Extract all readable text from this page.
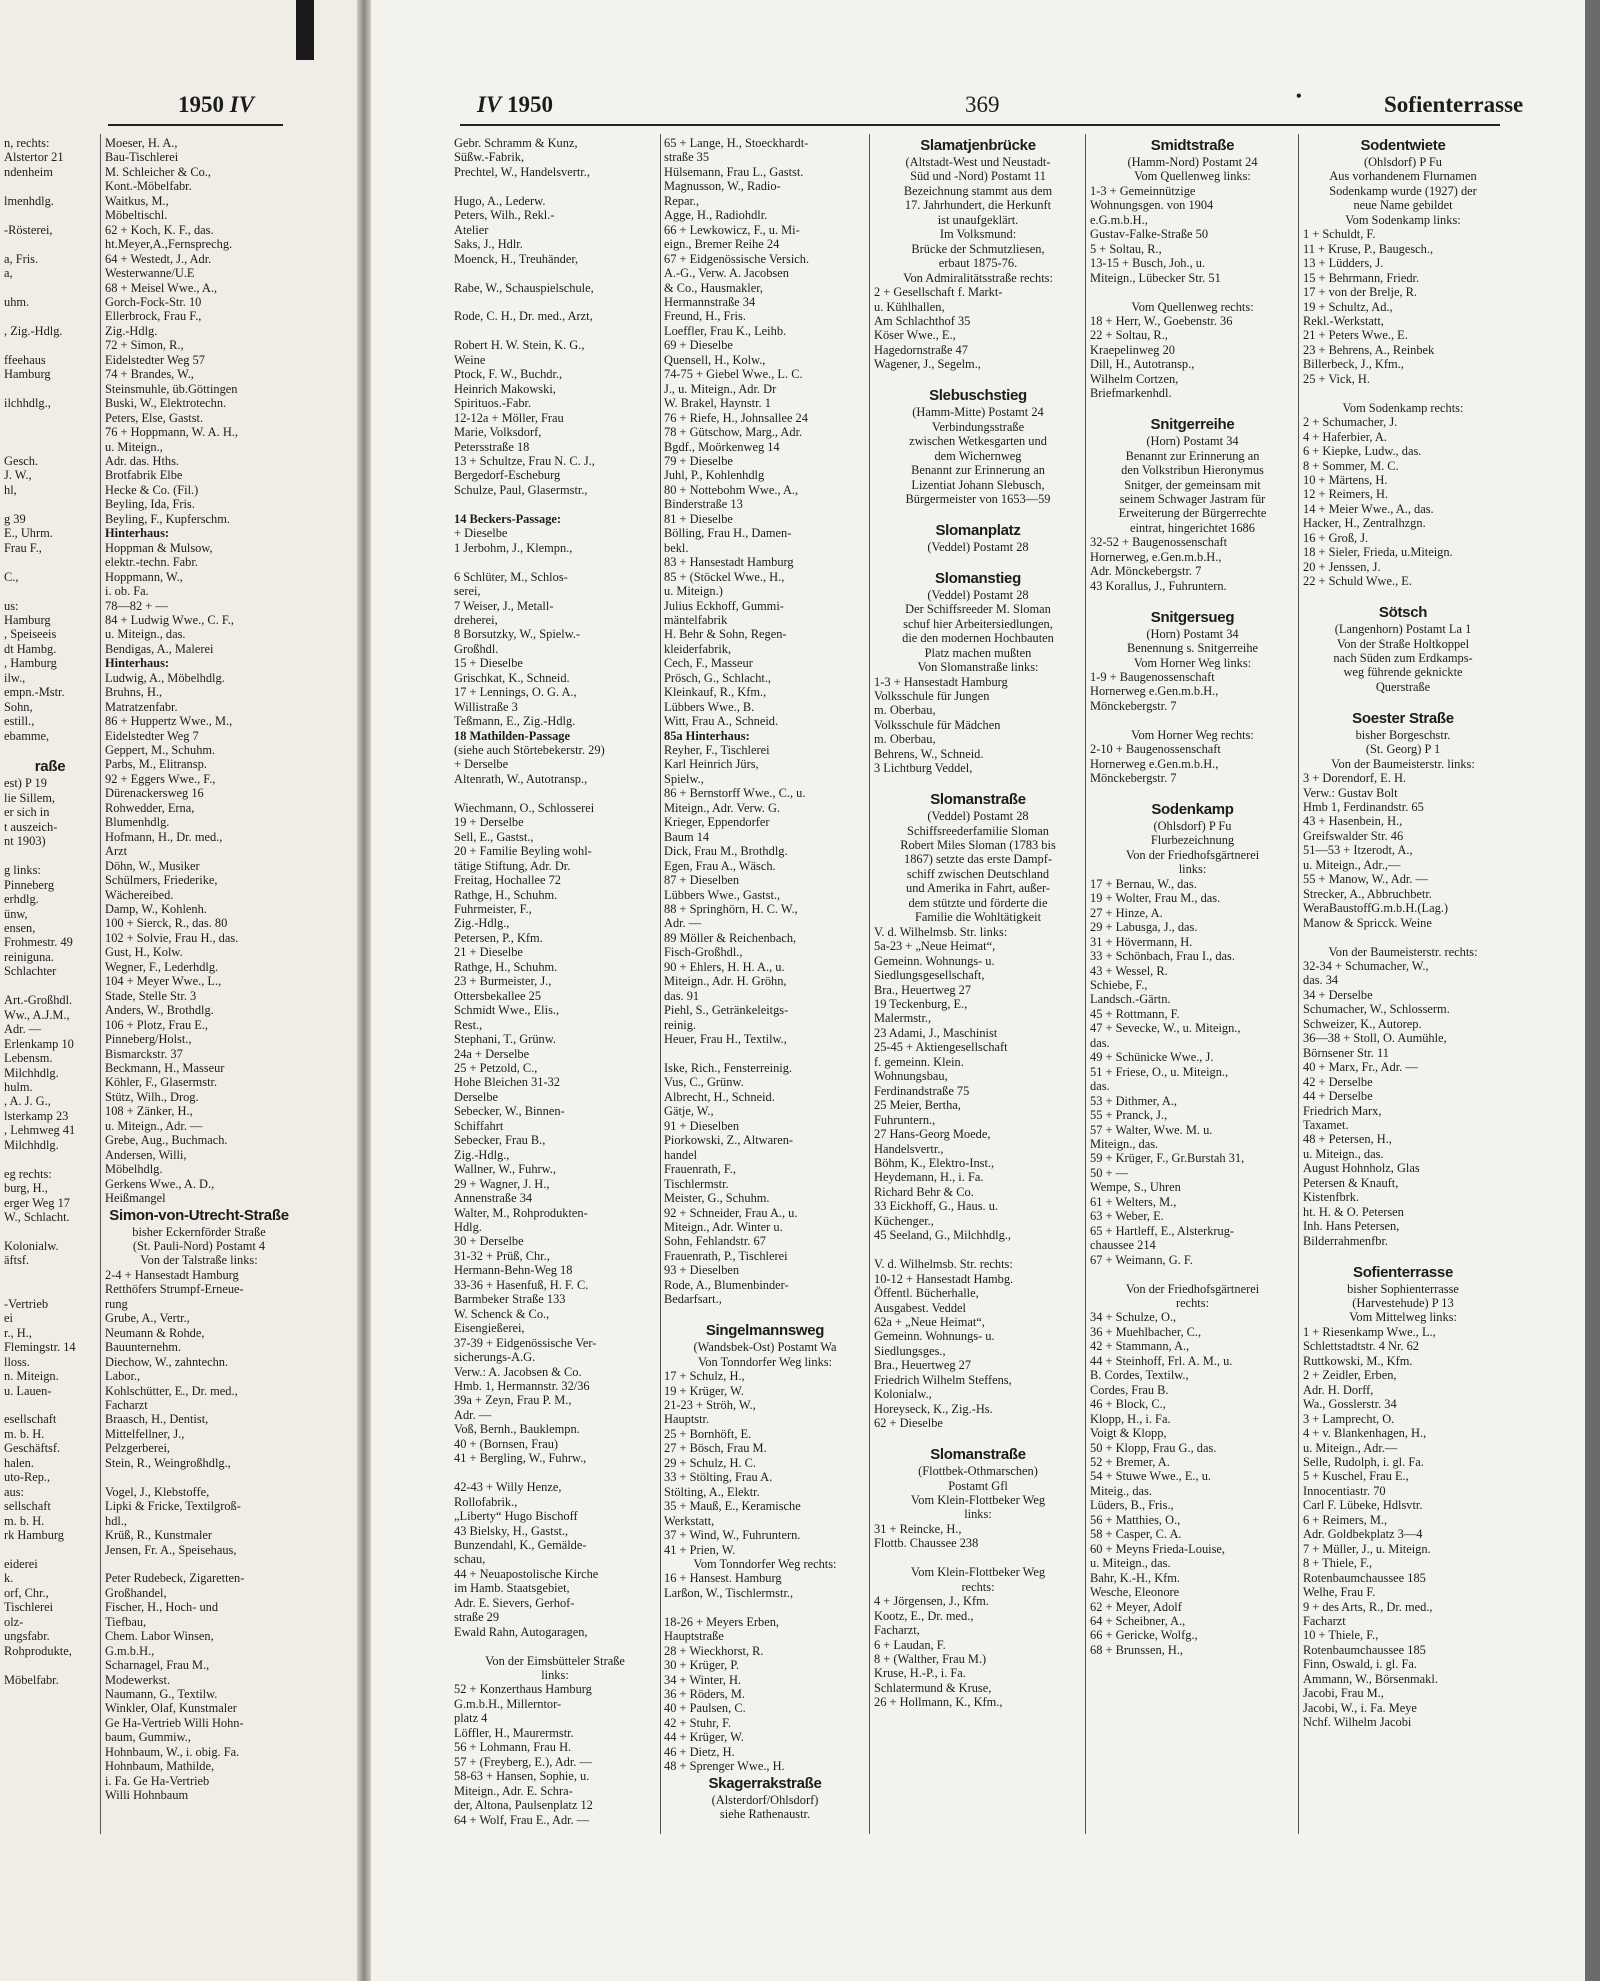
1950 IV	IV 1950	369	Sofienterrasse
•
n, rechts:
Alstertor 21
ndenheim

lmenhdlg.

-Rösterei,

a, Fris.
a,

uhm.

, Zig.-Hdlg.

ffeehaus
Hamburg

ilchhdlg.,

Gesch.
J. W.,
hl,

g 39
E., Uhrm.
Frau F.,

C.,

us:
Hamburg
, Speiseeis
dt Hambg.
, Hamburg
ilw.,
empn.-Mstr.
Sohn,
estill.,
ebamme,

raße
est) P 19
lie Sillem,
er sich in
t auszeich-
nt 1903)

g links:
Pinneberg
erhdlg.
ünw,
ensen,
Frohmestr. 49
reiniguna.
Schlachter

Art.-Großhdl.
Ww., A.J.M.,
Adr. —
Erlenkamp 10
Lebensm.
Milchhdlg.
hulm.
, A. J. G.,
lsterkamp 23
, Lehmweg 41
Milchhdlg.

eg rechts:
burg, H.,
erger Weg 17
W., Schlacht.

Kolonialw.
äftsf.

-Vertrieb
ei
r., H.,
Flemingstr. 14
lloss.
n. Miteign.
u. Lauen-

esellschaft
m. b. H.
Geschäftsf.
halen.
uto-Rep.,
aus:
sellschaft
m. b. H.
rk Hamburg

eiderei
k.
orf, Chr.,
Tischlerei
olz-
ungsfabr.
Rohprodukte,

Möbelfabr.
Moeser, H. A.,
Bau-Tischlerei
M. Schleicher & Co.,
Kont.-Möbelfabr.
Waitkus, M.,
Möbeltischl.
62 + Koch, K. F., das.
ht.Meyer,A.,Fernsprechg.
64 + Westedt, J., Adr.
Westerwanne/U.E
68 + Meisel Wwe., A.,
Gorch-Fock-Str. 10
Ellerbrock, Frau F.,
Zig.-Hdlg.
72 + Simon, R.,
Eidelstedter Weg 57
74 + Brandes, W.,
Steinsmuhle, üb.Göttingen
Buski, W., Elektrotechn.
Peters, Else, Gastst.
76 + Hoppmann, W. A. H.,
u. Miteign.,
Adr. das. Hths.
Brotfabrik Elbe
Hecke & Co. (Fil.)
Beyling, Ida, Fris.
Beyling, F., Kupferschm.
Hinterhaus:
Hoppman & Mulsow,
elektr.-techn. Fabr.
Hoppmann, W.,
i. ob. Fa.
78—82 + —
84 + Ludwig Wwe., C. F.,
u. Miteign., das.
Bendigas, A., Malerei
Hinterhaus:
Ludwig, A., Möbelhdlg.
Bruhns, H.,
Matratzenfabr.
86 + Huppertz Wwe., M.,
Eidelstedter Weg 7
Geppert, M., Schuhm.
Parbs, M., Elitransp.
92 + Eggers Wwe., F.,
Dürenackersweg 16
Rohwedder, Erna,
Blumenhdlg.
Hofmann, H., Dr. med.,
Arzt
Döhn, W., Musiker
Schülmers, Friederike,
Wächereibed.
Damp, W., Kohlenh.
100 + Sierck, R., das. 80
102 + Solvie, Frau H., das.
Gust, H., Kolw.
Wegner, F., Lederhdlg.
104 + Meyer Wwe., L.,
Stade, Stelle Str. 3
Anders, W., Brothdlg.
106 + Plotz, Frau E.,
Pinneberg/Holst.,
Bismarckstr. 37
Beckmann, H., Masseur
Köhler, F., Glasermstr.
Stütz, Wilh., Drog.
108 + Zänker, H.,
u. Miteign., Adr. —
Grebe, Aug., Buchmach.
Andersen, Willi,
Möbelhdlg.
Gerkens Wwe., A. D.,
Heißmangel
Simon-von-Utrecht-Straße
bisher Eckernförder Straße
(St. Pauli-Nord) Postamt 4
Von der Talstraße links:
2-4 + Hansestadt Hamburg
Retthöfers Strumpf-Erneue-
rung
Grube, A., Vertr.,
Neumann & Rohde,
Bauunternehm.
Diechow, W., zahntechn.
Labor.,
Kohlschütter, E., Dr. med.,
Facharzt
Braasch, H., Dentist,
Mittelfellner, J.,
Pelzgerberei,
Stein, R., Weingroßhdlg.,

Vogel, J., Klebstoffe,
Lipki & Fricke, Textilgroß-
hdl.,
Krüß, R., Kunstmaler
Jensen, Fr. A., Speisehaus,

Peter Rudebeck, Zigaretten-
Großhandel,
Fischer, H., Hoch- und
Tiefbau,
Chem. Labor Winsen,
G.m.b.H.,
Scharnagel, Frau M.,
Modewerkst.
Naumann, G., Textilw.
Winkler, Olaf, Kunstmaler
Ge Ha-Vertrieb Willi Hohn-
baum, Gummiw.,
Hohnbaum, W., i. obig. Fa.
Hohnbaum, Mathilde,
i. Fa. Ge Ha-Vertrieb
Willi Hohnbaum
Gebr. Schramm & Kunz,
Süßw.-Fabrik,
Prechtel, W., Handelsvertr.,

Hugo, A., Lederw.
Peters, Wilh., Rekl.-
Atelier
Saks, J., Hdlr.
Moenck, H., Treuhänder,

Rabe, W., Schauspielschule,

Rode, C. H., Dr. med., Arzt,

Robert H. W. Stein, K. G.,
Weine
Ptock, F. W., Buchdr.,
Heinrich Makowski,
Spirituos.-Fabr.
12-12a + Möller, Frau
Marie, Volksdorf,
Petersstraße 18
13 + Schultze, Frau N. C. J.,
Bergedorf-Escheburg
Schulze, Paul, Glasermstr.,

14 Beckers-Passage:
+ Dieselbe
1 Jerbohm, J., Klempn.,

6 Schlüter, M., Schlos-
serei,
7 Weiser, J., Metall-
dreherei,
8 Borsutzky, W., Spielw.-
Großhdl.
15 + Dieselbe
Grischkat, K., Schneid.
17 + Lennings, O. G. A.,
Willistraße 3
Teßmann, E., Zig.-Hdlg.
18 Mathilden-Passage
(siehe auch Störtebekerstr. 29)
+ Derselbe
Altenrath, W., Autotransp.,

Wiechmann, O., Schlosserei
19 + Derselbe
Sell, E., Gastst.,
20 + Familie Beyling wohl-
tätige Stiftung, Adr. Dr.
Freitag, Hochallee 72
Rathge, H., Schuhm.
Fuhrmeister, F.,
Zig.-Hdlg.,
Petersen, P., Kfm.
21 + Dieselbe
Rathge, H., Schuhm.
23 + Burmeister, J.,
Ottersbekallee 25
Schmidt Wwe., Elis.,
Rest.,
Stephani, T., Grünw.
24a + Derselbe
25 + Petzold, C.,
Hohe Bleichen 31-32
Derselbe
Sebecker, W., Binnen-
Schiffahrt
Sebecker, Frau B.,
Zig.-Hdlg.,
Wallner, W., Fuhrw.,
29 + Wagner, J. H.,
Annenstraße 34
Walter, M., Rohprodukten-
Hdlg.
30 + Derselbe
31-32 + Prüß, Chr.,
Hermann-Behn-Weg 18
33-36 + Hasenfuß, H. F. C.
Barmbeker Straße 133
W. Schenck & Co.,
Eisengießerei,
37-39 + Eidgenössische Ver-
sicherungs-A.G.
Verw.: A. Jacobsen & Co.
Hmb. 1, Hermannstr. 32/36
39a + Zeyn, Frau P. M.,
Adr. —
Voß, Bernh., Bauklempn.
40 + (Bornsen, Frau)
41 + Bergling, W., Fuhrw.,

42-43 + Willy Henze,
Rollofabrik.,
„Liberty“ Hugo Bischoff
43 Bielsky, H., Gastst.,
Bunzendahl, K., Gemälde-
schau,
44 + Neuapostolische Kirche
im Hamb. Staatsgebiet,
Adr. E. Sievers, Gerhof-
straße 29
Ewald Rahn, Autogaragen,

Von der Eimsbütteler Straße
links:
52 + Konzerthaus Hamburg
G.m.b.H., Millerntor-
platz 4
Löffler, H., Maurermstr.
56 + Lohmann, Frau H.
57 + (Freyberg, E.), Adr. —
58-63 + Hansen, Sophie, u.
Miteign., Adr. E. Schra-
der, Altona, Paulsenplatz 12
64 + Wolf, Frau E., Adr. —
65 + Lange, H., Stoeckhardt-
straße 35
Hülsemann, Frau L., Gastst.
Magnusson, W., Radio-
Repar.,
Agge, H., Radiohdlr.
66 + Lewkowicz, F., u. Mi-
eign., Bremer Reihe 24
67 + Eidgenössische Versich.
A.-G., Verw. A. Jacobsen
& Co., Hausmakler,
Hermannstraße 34
Freund, H., Fris.
Loeffler, Frau K., Leihb.
69 + Dieselbe
Quensell, H., Kolw.,
74-75 + Giebel Wwe., L. C.
J., u. Miteign., Adr. Dr
W. Brakel, Haynstr. 1
76 + Riefe, H., Johnsallee 24
78 + Gütschow, Marg., Adr.
Bgdf., Moörkenweg 14
79 + Dieselbe
Juhl, P., Kohlenhdlg
80 + Nottebohm Wwe., A.,
Binderstraße 13
81 + Dieselbe
Bölling, Frau H., Damen-
bekl.
83 + Hansestadt Hamburg
85 + (Stöckel Wwe., H.,
u. Miteign.)
Julius Eckhoff, Gummi-
mäntelfabrik
H. Behr & Sohn, Regen-
kleiderfabrik,
Cech, F., Masseur
Prösch, G., Schlacht.,
Kleinkauf, R., Kfm.,
Lübbers Wwe., B.
Witt, Frau A., Schneid.
85a Hinterhaus:
Reyher, F., Tischlerei
Karl Heinrich Jürs,
Spielw.,
86 + Bernstorff Wwe., C., u.
Miteign., Adr. Verw. G.
Krieger, Eppendorfer
Baum 14
Dick, Frau M., Brothdlg.
Egen, Frau A., Wäsch.
87 + Dieselben
Lübbers Wwe., Gastst.,
88 + Springhörn, H. C. W.,
Adr. —
89 Möller & Reichenbach,
Fisch-Großhdl.,
90 + Ehlers, H. H. A., u.
Miteign., Adr. H. Gröhn,
das. 91
Piehl, S., Getränkeleitgs-
reinig.
Heuer, Frau H., Textilw.,

Iske, Rich., Fensterreinig.
Vus, C., Grünw.
Albrecht, H., Schneid.
Gätje, W.,
91 + Dieselben
Piorkowski, Z., Altwaren-
handel
Frauenrath, F.,
Tischlermstr.
Meister, G., Schuhm.
92 + Schneider, Frau A., u.
Miteign., Adr. Winter u.
Sohn, Fehlandstr. 67
Frauenrath, P., Tischlerei
93 + Dieselben
Rode, A., Blumenbinder-
Bedarfsart.,

Singelmannsweg
(Wandsbek-Ost) Postamt Wa
Von Tonndorfer Weg links:
17 + Schulz, H.,
19 + Krüger, W.
21-23 + Ströh, W.,
Hauptstr.
25 + Bornhöft, E.
27 + Bösch, Frau M.
29 + Schulz, H. C.
33 + Stölting, Frau A.
Stölting, A., Elektr.
35 + Mauß, E., Keramische
Werkstatt,
37 + Wind, W., Fuhruntern.
41 + Prien, W.
Vom Tonndorfer Weg rechts:
16 + Hansest. Hamburg
Larßon, W., Tischlermstr.,

18-26 + Meyers Erben,
Hauptstraße
28 + Wieckhorst, R.
30 + Krüger, P.
34 + Winter, H.
36 + Röders, M.
40 + Paulsen, C.
42 + Stuhr, F.
44 + Krüger, W.
46 + Dietz, H.
48 + Sprenger Wwe., H.
Skagerrakstraße
(Alsterdorf/Ohlsdorf)
siehe Rathenaustr.
Slamatjenbrücke
(Altstadt-West und Neustadt-
Süd und -Nord) Postamt 11
Bezeichnung stammt aus dem
17. Jahrhundert, die Herkunft
ist unaufgeklärt.
Im Volksmund:
Brücke der Schmutzliesen,
erbaut 1875-76.
Von Admiralitätsstraße rechts:
2 + Gesellschaft f. Markt-
u. Kühlhallen,
Am Schlachthof 35
Köser Wwe., E.,
Hagedornstraße 47
Wagener, J., Segelm.,

Slebuschstieg
(Hamm-Mitte) Postamt 24
Verbindungsstraße
zwischen Wetkesgarten und
dem Wichernweg
Benannt zur Erinnerung an
Lizentiat Johann Slebusch,
Bürgermeister von 1653—59

Slomanplatz
(Veddel) Postamt 28

Slomanstieg
(Veddel) Postamt 28
Der Schiffsreeder M. Sloman
schuf hier Arbeitersiedlungen,
die den modernen Hochbauten
Platz machen mußten
Von Slomanstraße links:
1-3 + Hansestadt Hamburg
Volksschule für Jungen
m. Oberbau,
Volksschule für Mädchen
m. Oberbau,
Behrens, W., Schneid.
3 Lichtburg Veddel,

Slomanstraße
(Veddel) Postamt 28
Schiffsreederfamilie Sloman
Robert Miles Sloman (1783 bis
1867) setzte das erste Dampf-
schiff zwischen Deutschland
und Amerika in Fahrt, außer-
dem stützte und förderte die
Familie die Wohltätigkeit
V. d. Wilhelmsb. Str. links:
5a-23 + „Neue Heimat“,
Gemeinn. Wohnungs- u.
Siedlungsgesellschaft,
Bra., Heuertweg 27
19 Teckenburg, E.,
Malermstr.,
23 Adami, J., Maschinist
25-45 + Aktiengesellschaft
f. gemeinn. Klein.
Wohnungsbau,
Ferdinandstraße 75
25 Meier, Bertha,
Fuhruntern.,
27 Hans-Georg Moede,
Handelsvertr.,
Böhm, K., Elektro-Inst.,
Heydemann, H., i. Fa.
Richard Behr & Co.
33 Eickhoff, G., Haus. u.
Küchenger.,
45 Seeland, G., Milchhdlg.,

V. d. Wilhelmsb. Str. rechts:
10-12 + Hansestadt Hambg.
Öffentl. Bücherhalle,
Ausgabest. Veddel
62a + „Neue Heimat“,
Gemeinn. Wohnungs- u.
Siedlungsges.,
Bra., Heuertweg 27
Friedrich Wilhelm Steffens,
Kolonialw.,
Horeyseck, K., Zig.-Hs.
62 + Dieselbe

Slomanstraße
(Flottbek-Othmarschen)
Postamt Gfl
Vom Klein-Flottbeker Weg
links:
31 + Reincke, H.,
Flottb. Chaussee 238

Vom Klein-Flottbeker Weg
rechts:
4 + Jörgensen, J., Kfm.
Kootz, E., Dr. med.,
Facharzt,
6 + Laudan, F.
8 + (Walther, Frau M.)
Kruse, H.-P., i. Fa.
Schlatermund & Kruse,
26 + Hollmann, K., Kfm.,
Smidtstraße
(Hamm-Nord) Postamt 24
Vom Quellenweg links:
1-3 + Gemeinnützige
Wohnungsgen. von 1904
e.G.m.b.H.,
Gustav-Falke-Straße 50
5 + Soltau, R.,
13-15 + Busch, Joh., u.
Miteign., Lübecker Str. 51

Vom Quellenweg rechts:
18 + Herr, W., Goebenstr. 36
22 + Soltau, R.,
Kraepelinweg 20
Dill, H., Autotransp.,
Wilhelm Cortzen,
Briefmarkenhdl.

Snitgerreihe
(Horn) Postamt 34
Benannt zur Erinnerung an
den Volkstribun Hieronymus
Snitger, der gemeinsam mit
seinem Schwager Jastram für
Erweiterung der Bürgerrechte
eintrat, hingerichtet 1686
32-52 + Baugenossenschaft
Hornerweg, e.Gen.m.b.H.,
Adr. Mönckebergstr. 7
43 Korallus, J., Fuhruntern.

Snitgersueg
(Horn) Postamt 34
Benennung s. Snitgerreihe
Vom Horner Weg links:
1-9 + Baugenossenschaft
Hornerweg e.Gen.m.b.H.,
Mönckebergstr. 7

Vom Horner Weg rechts:
2-10 + Baugenossenschaft
Hornerweg e.Gen.m.b.H.,
Mönckebergstr. 7

Sodenkamp
(Ohlsdorf) P Fu
Flurbezeichnung
Von der Friedhofsgärtnerei
links:
17 + Bernau, W., das.
19 + Wolter, Frau M., das.
27 + Hinze, A.
29 + Labusga, J., das.
31 + Hövermann, H.
33 + Schönbach, Frau I., das.
43 + Wessel, R.
Schiebe, F.,
Landsch.-Gärtn.
45 + Rottmann, F.
47 + Sevecke, W., u. Miteign.,
das.
49 + Schünicke Wwe., J.
51 + Friese, O., u. Miteign.,
das.
53 + Dithmer, A.,
55 + Pranck, J.,
57 + Walter, Wwe. M. u.
Miteign., das.
59 + Krüger, F., Gr.Burstah 31,
50 + —
Wempe, S., Uhren
61 + Welters, M.,
63 + Weber, E.
65 + Hartleff, E., Alsterkrug-
chaussee 214
67 + Weimann, G. F.

Von der Friedhofsgärtnerei
rechts:
34 + Schulze, O.,
36 + Muehlbacher, C.,
42 + Stammann, A.,
44 + Steinhoff, Frl. A. M., u.
B. Cordes, Textilw.,
Cordes, Frau B.
46 + Block, C.,
Klopp, H., i. Fa.
Voigt & Klopp,
50 + Klopp, Frau G., das.
52 + Bremer, A.
54 + Stuwe Wwe., E., u.
Miteig., das.
Lüders, B., Fris.,
56 + Matthies, O.,
58 + Casper, C. A.
60 + Meyns Frieda-Louise,
u. Miteign., das.
Bahr, K.-H., Kfm.
Wesche, Eleonore
62 + Meyer, Adolf
64 + Scheibner, A.,
66 + Gericke, Wolfg.,
68 + Brunssen, H.,
Sodentwiete
(Ohlsdorf) P Fu
Aus vorhandenem Flurnamen
Sodenkamp wurde (1927) der
neue Name gebildet
Vom Sodenkamp links:
1 + Schuldt, F.
11 + Kruse, P., Baugesch.,
13 + Lüdders, J.
15 + Behrmann, Friedr.
17 + von der Brelje, R.
19 + Schultz, Ad.,
Rekl.-Werkstatt,
21 + Peters Wwe., E.
23 + Behrens, A., Reinbek
Billerbeck, J., Kfm.,
25 + Vick, H.

Vom Sodenkamp rechts:
2 + Schumacher, J.
4 + Haferbier, A.
6 + Kiepke, Ludw., das.
8 + Sommer, M. C.
10 + Märtens, H.
12 + Reimers, H.
14 + Meier Wwe., A., das.
Hacker, H., Zentralhzgn.
16 + Groß, J.
18 + Sieler, Frieda, u.Miteign.
20 + Jenssen, J.
22 + Schuld Wwe., E.

Sötsch
(Langenhorn) Postamt La 1
Von der Straße Holtkoppel
nach Süden zum Erdkamps-
weg führende geknickte
Querstraße

Soester Straße
bisher Borgeschstr.
(St. Georg) P 1
Von der Baumeisterstr. links:
3 + Dorendorf, E. H.
Verw.: Gustav Bolt
Hmb 1, Ferdinandstr. 65
43 + Hasenbein, H.,
Greifswalder Str. 46
51—53 + Itzerodt, A.,
u. Miteign., Adr.,—
55 + Manow, W., Adr. —
Strecker, A., Abbruchbetr.
WeraBaustoffG.m.b.H.(Lag.)
Manow & Spricck. Weine

Von der Baumeisterstr. rechts:
32-34 + Schumacher, W.,
das. 34
34 + Derselbe
Schumacher, W., Schlosserm.
Schweizer, K., Autorep.
36—38 + Stoll, O. Aumühle,
Börnsener Str. 11
40 + Marx, Fr., Adr. —
42 + Derselbe
44 + Derselbe
Friedrich Marx,
Taxamet.
48 + Petersen, H.,
u. Miteign., das.
August Hohnholz, Glas
Petersen & Knauft,
Kistenfbrk.
ht. H. & O. Petersen
Inh. Hans Petersen,
Bilderrahmenfbr.

Sofienterrasse
bisher Sophienterrasse
(Harvestehude) P 13
Vom Mittelweg links:
1 + Riesenkamp Wwe., L.,
Schlettstadtstr. 4 Nr. 62
Ruttkowski, M., Kfm.
2 + Zeidler, Erben,
Adr. H. Dorff,
Wa., Gosslerstr. 34
3 + Lamprecht, O.
4 + v. Blankenhagen, H.,
u. Miteign., Adr.—
Selle, Rudolph, i. gl. Fa.
5 + Kuschel, Frau E.,
Innocentiastr. 70
Carl F. Lübeke, Hdlsvtr.
6 + Reimers, M.,
Adr. Goldbekplatz 3—4
7 + Müller, J., u. Miteign.
8 + Thiele, F.,
Rotenbaumchaussee 185
Welhe, Frau F.
9 + des Arts, R., Dr. med.,
Facharzt
10 + Thiele, F.,
Rotenbaumchaussee 185
Finn, Oswald, i. gl. Fa.
Ammann, W., Börsenmakl.
Jacobi, Frau M.,
Jacobi, W., i. Fa. Meye
Nchf. Wilhelm Jacobi
